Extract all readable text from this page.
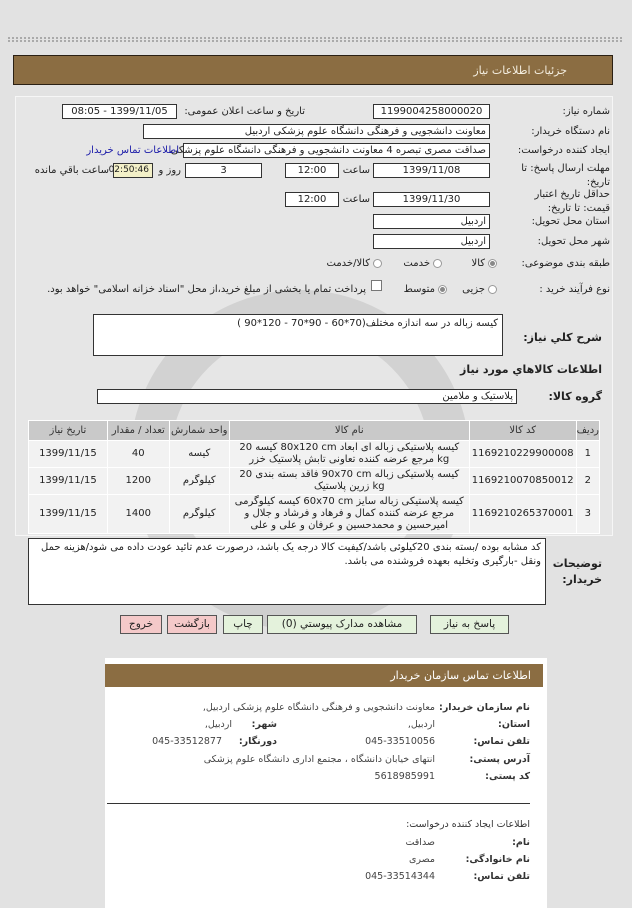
جزئیات اطلاعات نیاز
شماره نیاز:
1199004258000020
تاریخ و ساعت اعلان عمومی:
1399/11/05 - 08:05
نام دستگاه خریدار:
معاونت دانشجویی و فرهنگی دانشگاه علوم پزشکی اردبیل
ایجاد کننده درخواست:
صداقت مصری تبصره 4 معاونت دانشجویی و فرهنگی دانشگاه علوم پزشکی
اطلاعات تماس خریدار
مهلت ارسال پاسخ: تا تاریخ:
1399/11/08
ساعت
12:00
3
روز و
02:50:46
ساعت باقي مانده
حداقل تاریخ اعتبار قیمت: تا تاریخ:
1399/11/30
ساعت
12:00
استان محل تحویل:
اردبیل
شهر محل تحویل:
اردبیل
طبقه بندی موضوعی:
کالا
خدمت
کالا/خدمت
نوع فرآیند خرید :
جزیی
متوسط
پرداخت تمام یا بخشی از مبلغ خرید،از محل "اسناد خزانه اسلامی" خواهد بود.
شرح کلي نياز:
کیسه زباله در سه اندازه مختلف(70*60 - 90*70 - 120*90 )
اطلاعات کالاهاي مورد نياز
گروه کالا:
پلاستیک و ملامین
ردیف	کد کالا	نام کالا	واحد شمارش	تعداد / مقدار	تاریخ نیاز
1	1169210229900008	کیسه پلاستیکی زباله ای ابعاد 80x120 cm کیسه 20 kg مرجع عرضه کننده تعاونی تابش پلاستیک خزر	کیسه	40	1399/11/15
2	1169210070850012	کیسه پلاستیکی زباله 90x70 cm فاقد بسته بندی 20 kg زرین پلاستیک	کیلوگرم	1200	1399/11/15
3	1169210265370001	کیسه پلاستیکی زباله سایز 60x70 cm کیسه کیلوگرمی مرجع عرضه کننده کمال و فرهاد و فرشاد و جلال و امیرحسین و محمدحسین و عرفان و علی و علی	کیلوگرم	1400	1399/11/15
توضیحات خریدار:
کد مشابه بوده /بسته بندی 20کیلوئی باشد/کیفیت کالا درجه یک باشد، درصورت عدم تائید عودت داده می شود/هزینه حمل ونقل -بارگیری وتخلیه بعهده فروشنده می باشد.
پاسخ به نیاز
مشاهده مدارک پیوستي (0)
چاپ
بازگشت
خروج
اطلاعات تماس سازمان خریدار
نام سازمان خریدار:
معاونت دانشجویی و فرهنگی دانشگاه علوم پزشکی اردبیل,
استان:
اردبیل,
شهر:
اردبیل,
تلفن تماس:
045-33510056
دورنگار:
045-33512877
آدرس پستی:
انتهای خیابان دانشگاه ، مجتمع اداری دانشگاه علوم پزشکی
کد پستی:
5618985991
اطلاعات ایجاد کننده درخواست:
نام:
صداقت
نام خانوادگی:
مصری
تلفن تماس:
045-33514344
